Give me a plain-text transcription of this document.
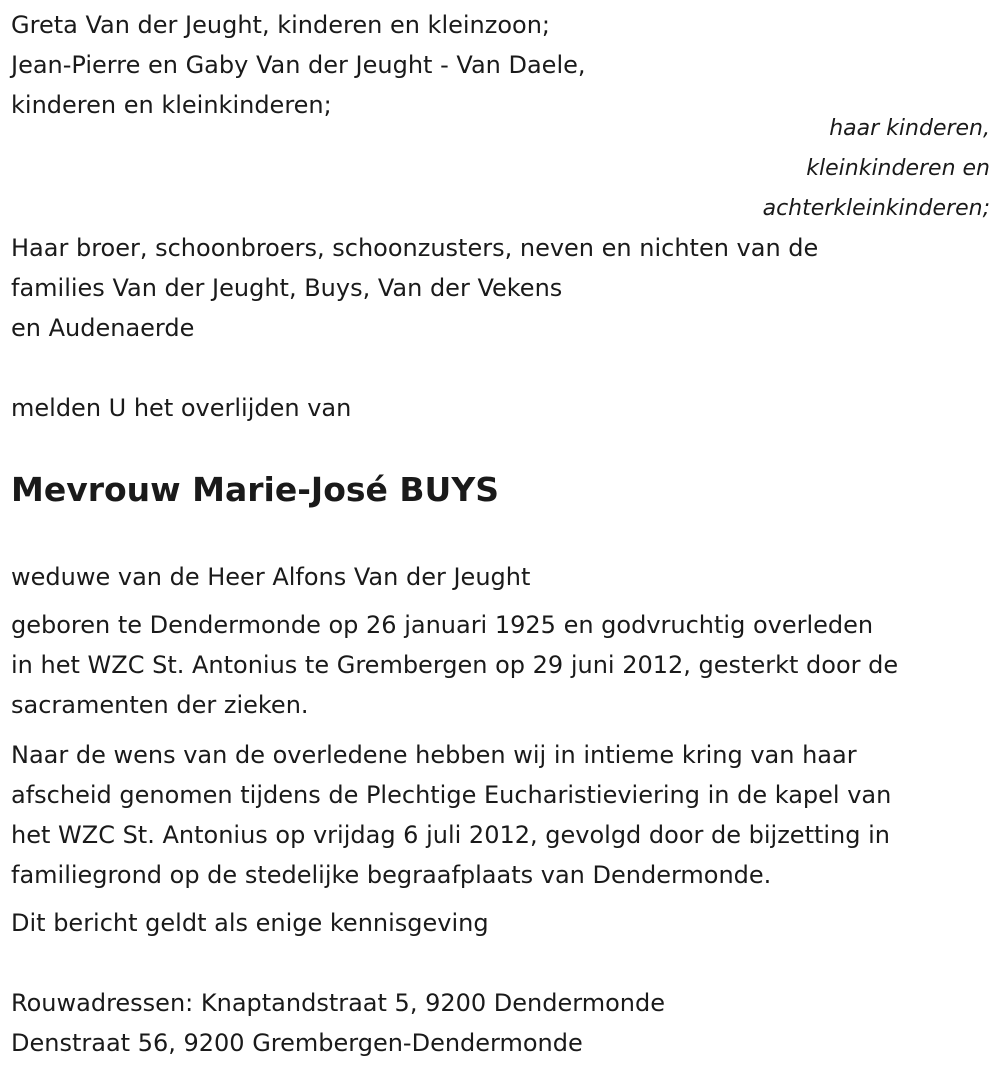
Greta Van der Jeught, kinderen en kleinzoon;
Jean-Pierre en Gaby Van der Jeught - Van Daele,
kinderen en kleinkinderen;
haar kinderen,
kleinkinderen en
achterkleinkinderen;
Haar broer, schoonbroers, schoonzusters, neven en nichten van de
families Van der Jeught, Buys, Van der Vekens
en Audenaerde
melden U het overlijden van
Mevrouw Marie-José BUYS
weduwe van de Heer Alfons Van der Jeught
geboren te Dendermonde op 26 januari 1925 en godvruchtig overleden
in het WZC St. Antonius te Grembergen op 29 juni 2012, gesterkt door de
sacramenten der zieken.
Naar de wens van de overledene hebben wij in intieme kring van haar
afscheid genomen tijdens de Plechtige Eucharistieviering in de kapel van
het WZC St. Antonius op vrijdag 6 juli 2012, gevolgd door de bijzetting in
familiegrond op de stedelijke begraafplaats van Dendermonde.
Dit bericht geldt als enige kennisgeving
Rouwadressen: Knaptandstraat 5, 9200 Dendermonde
Denstraat 56, 9200 Grembergen-Dendermonde
